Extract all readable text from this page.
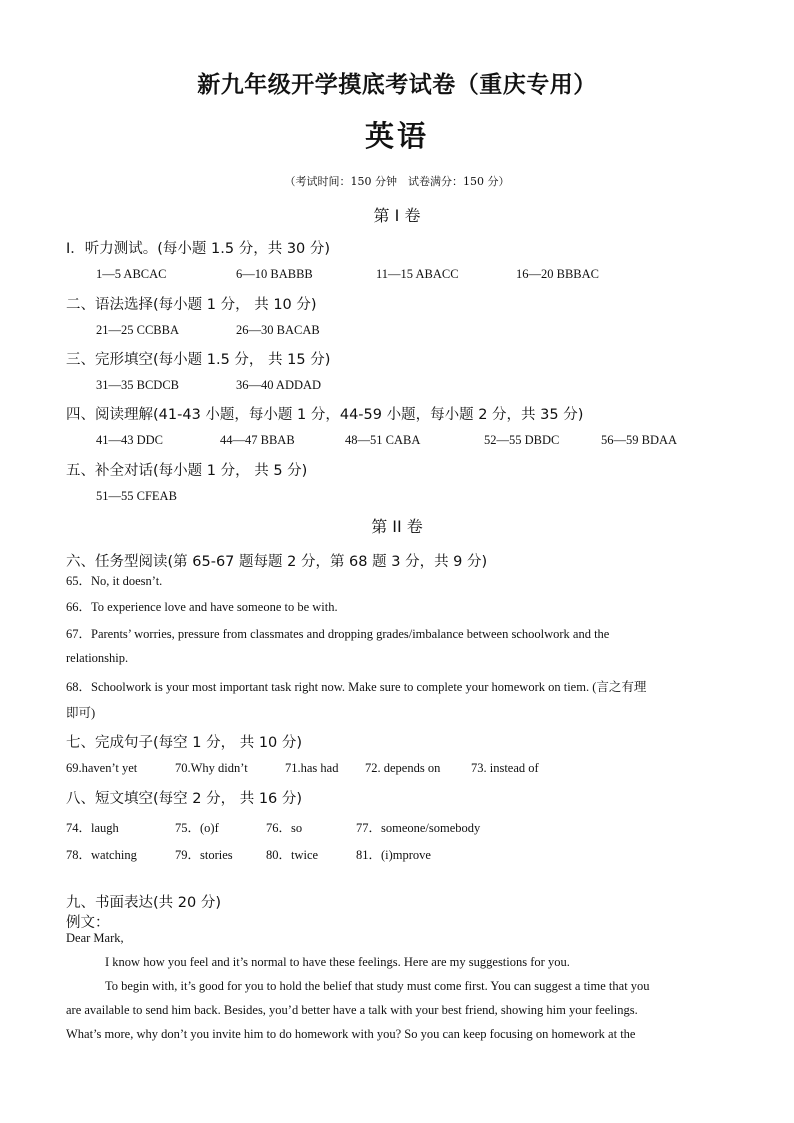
新九年级开学摸底考试卷（重庆专用）
英语
（考试时间：150 分钟　试卷满分：150 分）
第 I 卷
Ⅰ．听力测试。(每小题 1.5 分，共 30 分)
1—5 ABCAC	6—10 BABBB	11—15 ABACC	16—20 BBBAC
二、语法选择(每小题 1 分， 共 10 分)
21—25 CCBBA	26—30 BACAB
三、完形填空(每小题 1.5 分， 共 15 分)
31—35 BCDCB	36—40 ADDAD
四、阅读理解(41-43 小题，每小题 1 分，44-59 小题，每小题 2 分，共 35 分)
41—43 DDC	44—47 BBAB	48—51 CABA	52—55 DBDC	56—59 BDAA
五、补全对话(每小题 1 分， 共 5 分)
51—55 CFEAB
第 II 卷
六、任务型阅读(第 65-67 题每题 2 分，第 68 题 3 分，共 9 分)
65．No, it doesn’t.
66．To experience love and have someone to be with.
67．Parents’ worries, pressure from classmates and dropping grades/imbalance between schoolwork and the
relationship.
68．Schoolwork is your most important task right now. Make sure to complete your homework on tiem. (言之有理
即可)
七、完成句子(每空 1 分， 共 10 分)
69.haven’t yet	70.Why didn’t	71.has had 72. depends on 73. instead of
八、短文填空(每空 2 分， 共 16 分)
74．laugh	75．(o)f	76．so	77．someone/somebody
78．watching	79．stories	80．twice	81．(i)mprove
九、书面表达(共 20 分)
例文：
Dear Mark,
I know how you feel and it’s normal to have these feelings. Here are my suggestions for you.
To begin with, it’s good for you to hold the belief that study must come first. You can suggest a time that you
are available to send him back. Besides, you’d better have a talk with your best friend, showing him your feelings.
What’s more, why don’t you invite him to do homework with you? So you can keep focusing on homework at the
